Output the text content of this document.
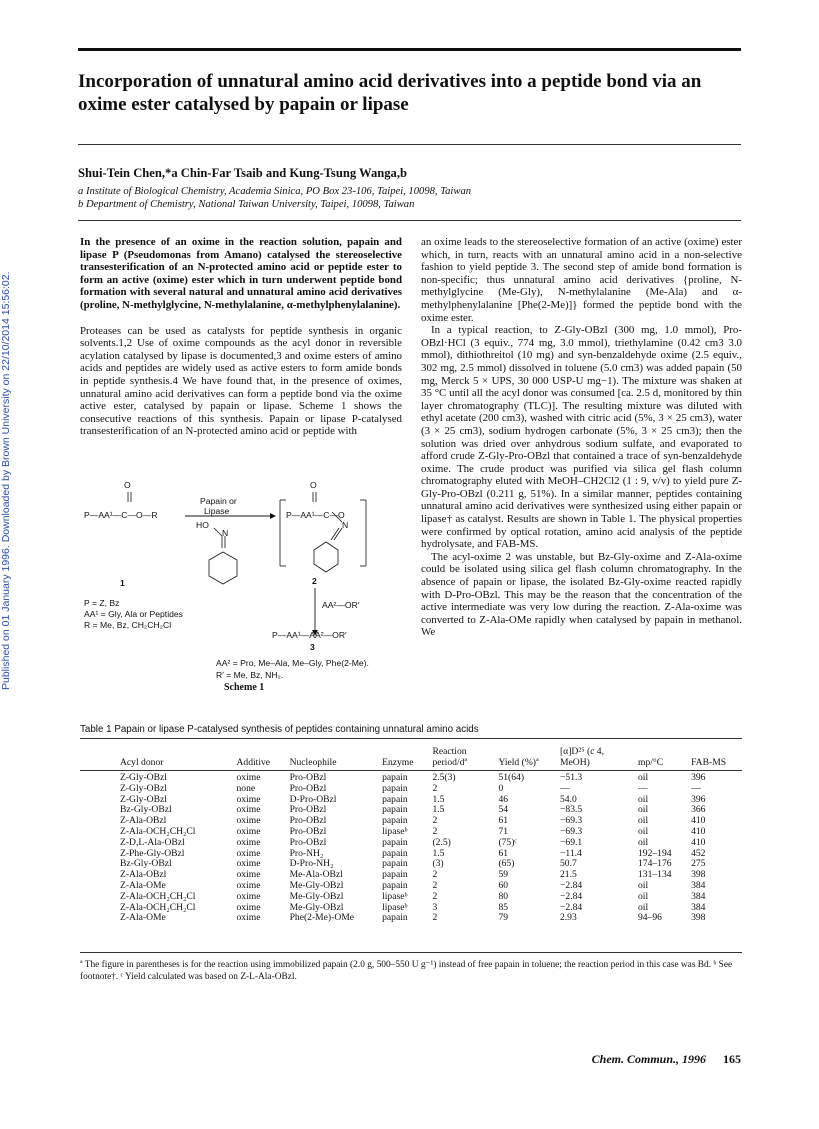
Published on 01 January 1996. Downloaded by Brown University on 22/10/2014 15:56:02.
Incorporation of unnatural amino acid derivatives into a peptide bond via an oxime ester catalysed by papain or lipase
Shui-Tein Chen,*a Chin-Far Tsaib and Kung-Tsung Wanga,b
a Institute of Biological Chemistry, Academia Sinica, PO Box 23-106, Taipei, 10098, Taiwan
b Department of Chemistry, National Taiwan University, Taipei, 10098, Taiwan

In the presence of an oxime in the reaction solution, papain and lipase P (Pseudomonas from Amano) catalysed the stereoselective transesterification of an N-protected amino acid or peptide ester to form an active (oxime) ester which in turn underwent peptide bond formation with several natural and unnatural amino acid derivatives (proline, N-methylglycine, N-methylalanine, α-methylphenylalanine).

Proteases can be used as catalysts for peptide synthesis in organic solvents.1,2 Use of oxime compounds as the acyl donor in reversible acylation catalysed by lipase is documented,3 and oxime esters of amino acids and peptides are widely used as active esters to form amide bonds in peptide synthesis.4 We have found that, in the presence of oximes, unnatural amino acid derivatives can form a peptide bond via the oxime active ester, catalysed by papain or lipase. Scheme 1 shows the consecutive reactions of this synthesis. Papain or lipase P-catalysed transesterification of an N-protected amino acid or peptide with

O
P—AA¹—C—O—R
Papain or
Lipase
HO
N
1
O
P—AA¹—C—O
N
2
AA²—OR′
P—AA¹—AA²—OR′
3
P = Z, Bz
AA¹ = Gly, Ala or Peptides
R = Me, Bz, CH₂CH₂Cl
AA² = Pro, Me–Ala, Me–Gly, Phe(2-Me).
R′ = Me, Bz, NH₂.
Scheme 1

an oxime leads to the stereoselective formation of an active (oxime) ester which, in turn, reacts with an unnatural amino acid in a non-selective fashion to yield peptide 3. The second step of amide bond formation is non-specific; thus unnatural amino acid derivatives {proline, N-methylglycine (Me-Gly), N-methylalanine (Me-Ala) and α-methylphenylalanine [Phe(2-Me)]} formed the peptide bond with the oxime ester.

In a typical reaction, to Z-Gly-OBzl (300 mg, 1.0 mmol), Pro-OBzl·HCl (3 equiv., 774 mg, 3.0 mmol), triethylamine (0.42 cm3 3.0 mmol), dithiothreitol (10 mg) and syn-benzaldehyde oxime (2.5 equiv., 302 mg, 2.5 mmol) dissolved in toluene (5.0 cm3) was added papain (50 mg, Merck 5 × UPS, 30 000 USP-U mg−1). The mixture was shaken at 35 °C until all the acyl donor was consumed [ca. 2.5 d, monitored by thin layer chromatography (TLC)]. The resulting mixture was diluted with ethyl acetate (200 cm3), washed with citric acid (5%, 3 × 25 cm3), water (3 × 25 cm3), sodium hydrogen carbonate (5%, 3 × 25 cm3); then the solution was dried over anhydrous sodium sulfate, and evaporated to afford crude Z-Gly-Pro-OBzl that contained a trace of syn-benzaldehyde oxime. The crude product was purified via silica gel flash column chromatography eluted with MeOH–CH2Cl2 (1 : 9, v/v) to yield pure Z-Gly-Pro-OBzl (0.211 g, 51%). In a similar manner, peptides containing unnatural amino acid derivatives were synthesized using either papain or lipase† as catalyst. Results are shown in Table 1. The physical properties were confirmed by optical rotation, amino acid analysis of the peptide hydrolysate, and FAB-MS.

The acyl-oxime 2 was unstable, but Bz-Gly-oxime and Z-Ala-oxime could be isolated using silica gel flash column chromatography. In the absence of papain or lipase, the isolated Bz-Gly-oxime reacted rapidly with D-Pro-OBzl. This may be the reason that the concentration of the active intermediate was very low during the reaction. Z-Ala-oxime was converted to Z-Ala-OMe rapidly when catalysed by papain in methanol. We

Table 1 Papain or lipase P-catalysed synthesis of peptides containing unnatural amino acids
Acyl donor	Additive	Nucleophile	Enzyme	Reaction period/dª	Yield (%)ª	[α]D²⁵ (c 4, MeOH)	mp/°C	FAB-MS

Z-Gly-OBzl	oxime	Pro-OBzl	papain	2.5(3)	51(64)	−51.3	oil	396
Z-Gly-OBzl	none	Pro-OBzl	papain	2	0	—	—	—
Z-Gly-OBzl	oxime	D-Pro-OBzl	papain	1.5	46	54.0	oil	396
Bz-Gly-OBzl	oxime	Pro-OBzl	papain	1.5	54	−83.5	oil	366
Z-Ala-OBzl	oxime	Pro-OBzl	papain	2	61	−69.3	oil	410
Z-Ala-OCH₂CH₂Cl	oxime	Pro-OBzl	lipaseᵇ	2	71	−69.3	oil	410
Z-D,L-Ala-OBzl	oxime	Pro-OBzl	papain	(2.5)	(75)ᶜ	−69.1	oil	410
Z-Phe-Gly-OBzl	oxime	Pro-NH₂	papain	1.5	61	−11.4	192–194	452
Bz-Gly-OBzl	oxime	D-Pro-NH₂	papain	(3)	(65)	50.7	174–176	275
Z-Ala-OBzl	oxime	Me-Ala-OBzl	papain	2	59	21.5	131–134	398
Z-Ala-OMe	oxime	Me-Gly-OBzl	papain	2	60	−2.84	oil	384
Z-Ala-OCH₂CH₂Cl	oxime	Me-Gly-OBzl	lipaseᵇ	2	80	−2.84	oil	384
Z-Ala-OCH₂CH₂Cl	oxime	Me-Gly-OBzl	lipaseᵇ	3	85	−2.84	oil	384
Z-Ala-OMe	oxime	Phe(2-Me)-OMe	papain	2	79	2.93	94–96	398
ª The figure in parentheses is for the reaction using immobilized papain (2.0 g, 500–550 U g⁻¹) instead of free papain in toluene; the reaction period in this case was Bd. ᵇ See footnote†. ᶜ Yield calculated was based on Z-L-Ala-OBzl.
Chem. Commun., 1996 165
